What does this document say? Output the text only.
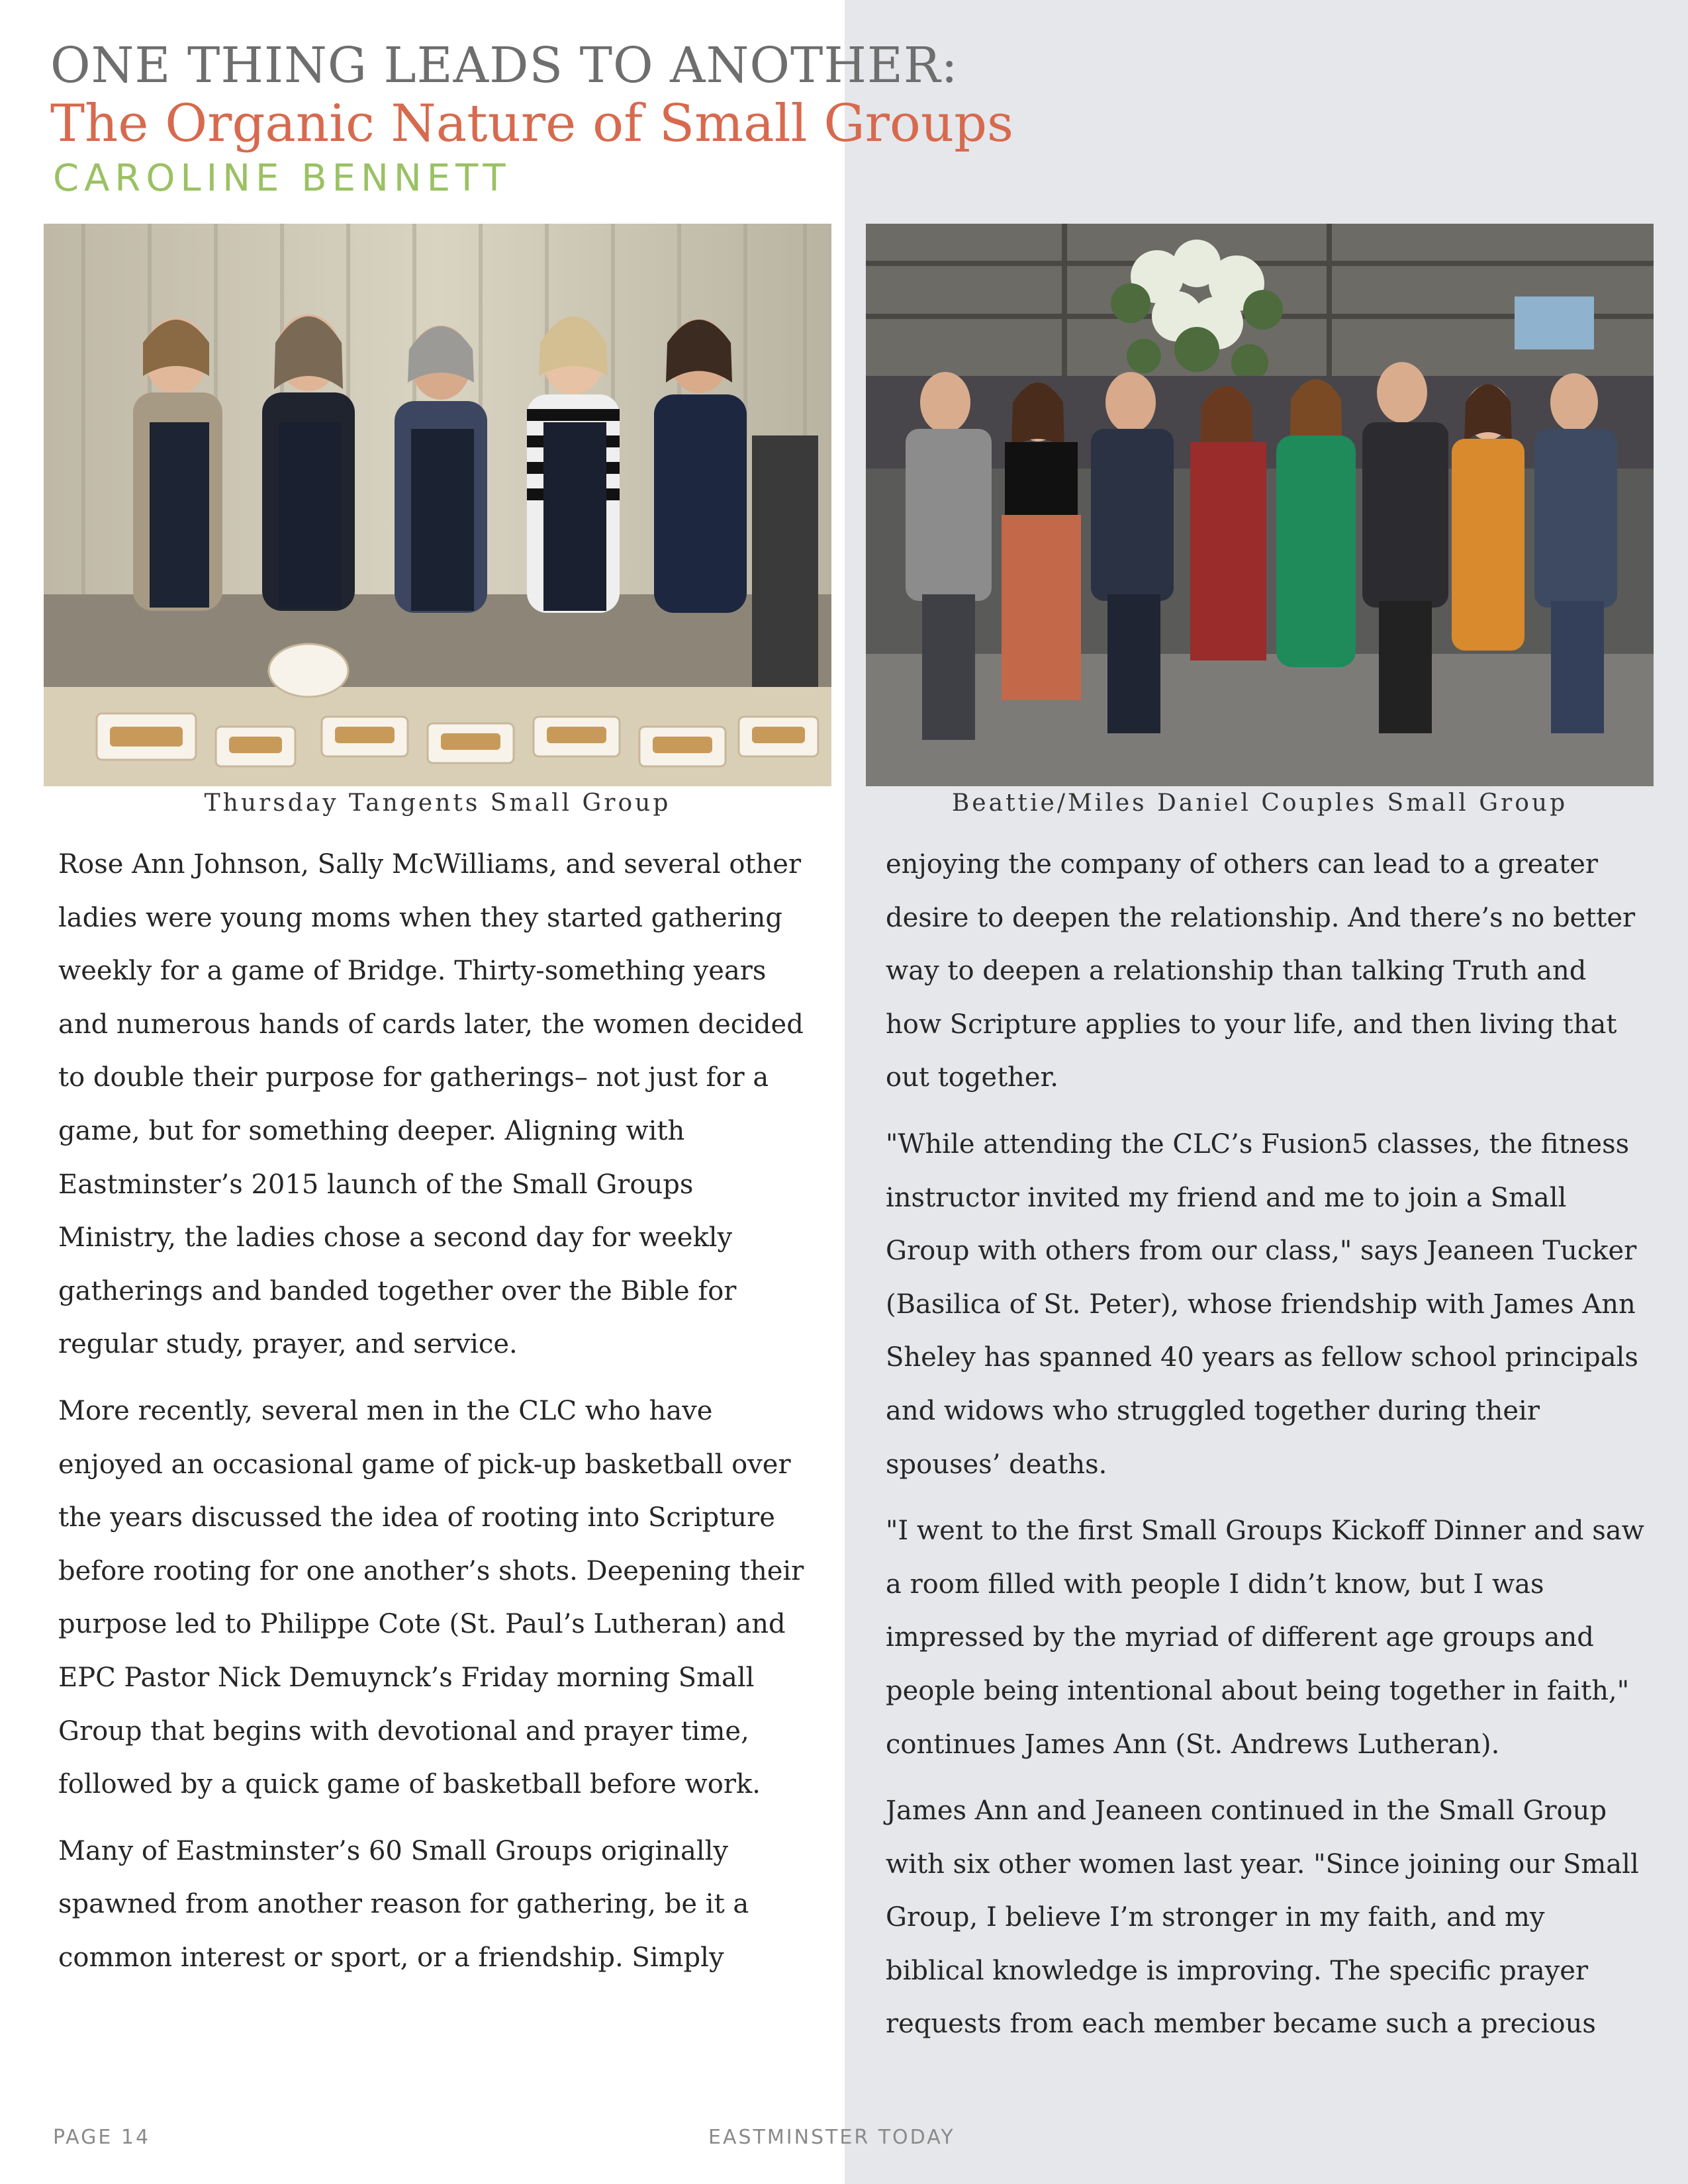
ONE THING LEADS TO ANOTHER:
The Organic Nature of Small Groups
CAROLINE BENNETT
Thursday Tangents Small Group	Beattie/Miles Daniel Couples Small Group

Rose Ann Johnson, Sally McWilliams, and several other ladies were young moms when they started gathering weekly for a game of Bridge. Thirty-something years and numerous hands of cards later, the women decided to double their purpose for gatherings– not just for a game, but for something deeper. Aligning with Eastminster’s 2015 launch of the Small Groups Ministry, the ladies chose a second day for weekly gatherings and banded together over the Bible for regular study, prayer, and service.

More recently, several men in the CLC who have enjoyed an occasional game of pick-up basketball over the years discussed the idea of rooting into Scripture before rooting for one another’s shots. Deepening their purpose led to Philippe Cote (St. Paul’s Lutheran) and EPC Pastor Nick Demuynck’s Friday morning Small Group that begins with devotional and prayer time, followed by a quick game of basketball before work.

Many of Eastminster’s 60 Small Groups originally spawned from another reason for gathering, be it a common interest or sport, or a friendship. Simply

enjoying the company of others can lead to a greater desire to deepen the relationship. And there’s no better way to deepen a relationship than talking Truth and how Scripture applies to your life, and then living that out together.

"While attending the CLC’s Fusion5 classes, the fitness instructor invited my friend and me to join a Small Group with others from our class," says Jeaneen Tucker (Basilica of St. Peter), whose friendship with James Ann Sheley has spanned 40 years as fellow school principals and widows who struggled together during their spouses’ deaths.

"I went to the first Small Groups Kickoff Dinner and saw a room filled with people I didn’t know, but I was impressed by the myriad of different age groups and people being intentional about being together in faith," continues James Ann (St. Andrews Lutheran).

James Ann and Jeaneen continued in the Small Group with six other women last year. "Since joining our Small Group, I believe I’m stronger in my faith, and my biblical knowledge is improving. The specific prayer requests from each member became such a precious

PAGE 14	EASTMINSTER TODAY
